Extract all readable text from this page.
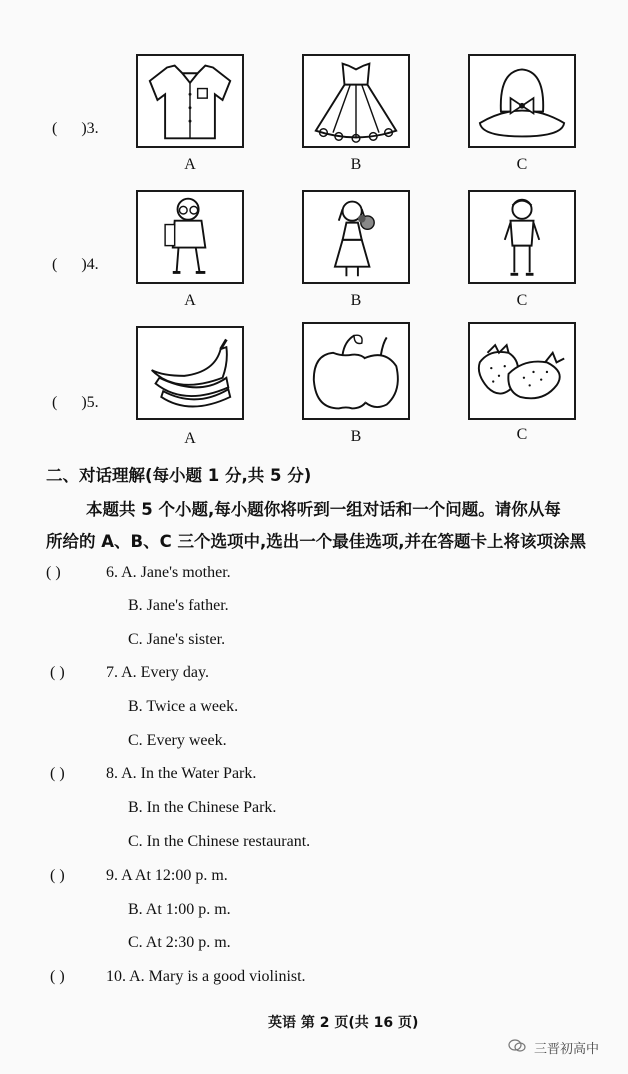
(      )3.

A	B	C

(      )4.

A	B	C

(      )5.

A	B	C
二、对话理解(每小题 1 分,共 5 分)
本题共 5 个小题,每小题你将听到一组对话和一个问题。请你从每
所给的 A、B、C 三个选项中,选出一个最佳选项,并在答题卡上将该项涂黑
( )	6. A. Jane's mother.
B. Jane's father.
C. Jane's sister.
( )	7. A. Every day.
B. Twice a week.
C. Every week.
( )	8. A. In the Water Park.
B. In the Chinese Park.
C. In the Chinese restaurant.
( )	9. A At 12:00 p. m.
B. At 1:00 p. m.
C. At 2:30 p. m.
( )	10. A. Mary is a good violinist.
英语 第 2 页(共 16 页)
三晋初高中
